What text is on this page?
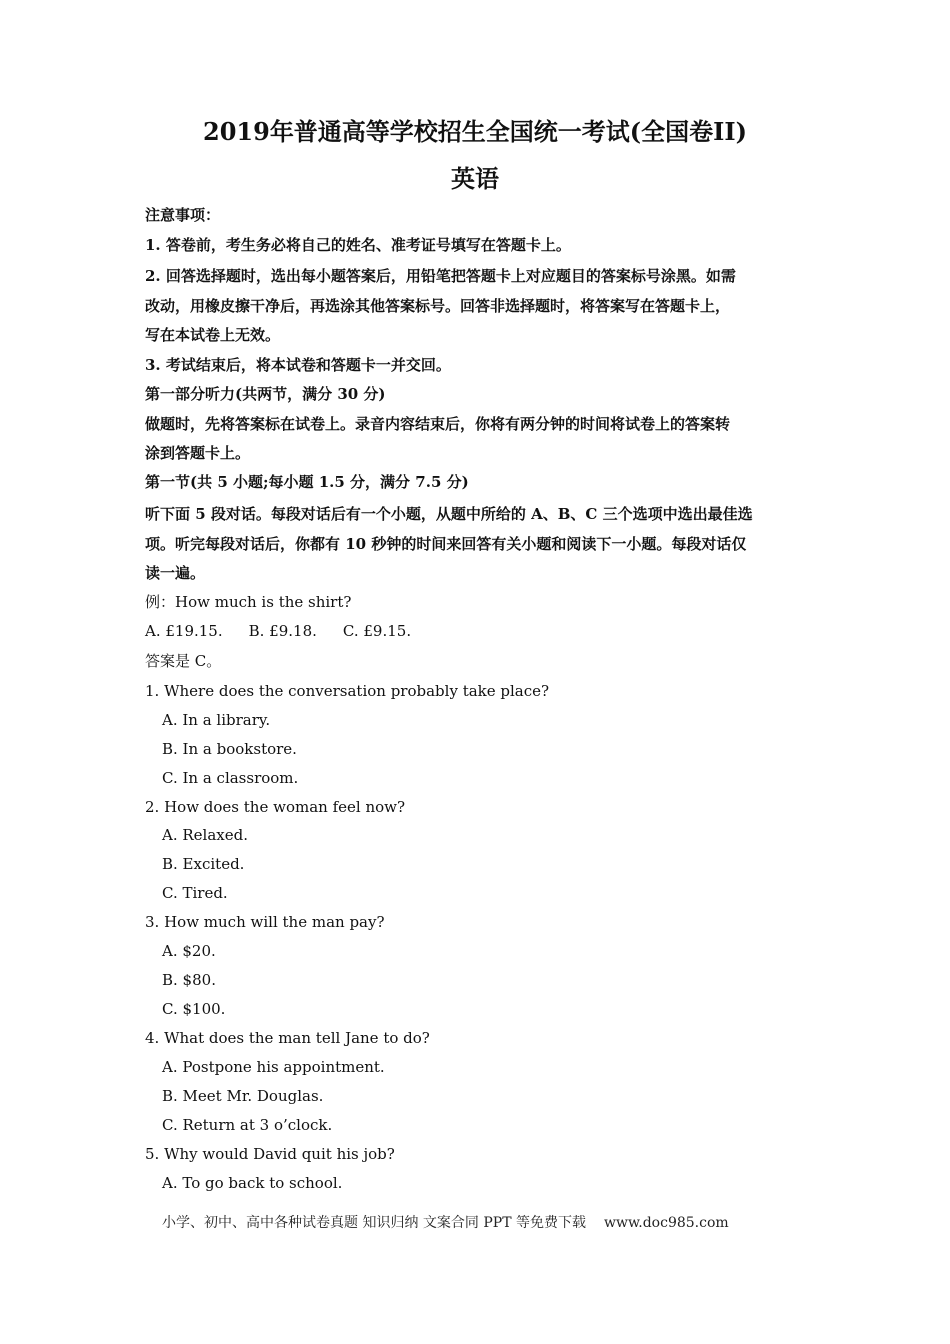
2019年普通高等学校招生全国统一考试(全国卷II)
英语
注意事项：
1. 答卷前，考生务必将自己的姓名、准考证号填写在答题卡上。
2. 回答选择题时，选出每小题答案后，用铅笔把答题卡上对应题目的答案标号涂黑。如需
改动，用橡皮擦干净后，再选涂其他答案标号。回答非选择题时，将答案写在答题卡上，
写在本试卷上无效。
3. 考试结束后，将本试卷和答题卡一并交回。
第一部分听力(共两节，满分 30 分)
做题时，先将答案标在试卷上。录音内容结束后，你将有两分钟的时间将试卷上的答案转
涂到答题卡上。
第一节(共 5 小题;每小题 1.5 分，满分 7.5 分)
听下面 5 段对话。每段对话后有一个小题，从题中所给的 A、B、C 三个选项中选出最佳选
项。听完每段对话后，你都有 10 秒钟的时间来回答有关小题和阅读下一小题。每段对话仅
读一遍。
例：How much is the shirt?
A. £19.15. B. £9.18. C. £9.15.
答案是 C。
1. Where does the conversation probably take place?
A. In a library.
B. In a bookstore.
C. In a classroom.
2. How does the woman feel now?
A. Relaxed.
B. Excited.
C. Tired.
3. How much will the man pay?
A. $20.
B. $80.
C. $100.
4. What does the man tell Jane to do?
A. Postpone his appointment.
B. Meet Mr. Douglas.
C. Return at 3 o’clock.
5. Why would David quit his job?
A. To go back to school.
小学、初中、高中各种试卷真题 知识归纳 文案合同 PPT 等免费下载 www.doc985.com
